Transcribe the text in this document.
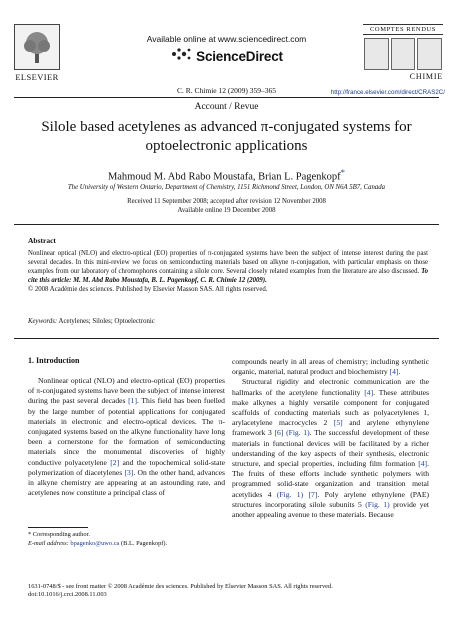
ELSEVIER
Available online at www.sciencedirect.com
ScienceDirect
C. R. Chimie 12 (2009) 359–365
COMPTES RENDUS
CHIMIE
http://france.elsevier.com/direct/CRAS2C/
Account / Revue
Silole based acetylenes as advanced π-conjugated systems for
optoelectronic applications
Mahmoud M. Abd Rabo Moustafa, Brian L. Pagenkopf*
The University of Western Ontario, Department of Chemistry, 1151 Richmond Street, London, ON N6A 5B7, Canada
Received 11 September 2008; accepted after revision 12 November 2008
Available online 19 December 2008
Abstract
Nonlinear optical (NLO) and electro-optical (EO) properties of π-conjugated systems have been the subject of intense interest during the past several decades. In this mini-review we focus on semiconducting materials based on alkyne π-conjugation, with particular emphasis on those examples from our laboratory of chromophores containing a silole core. Several closely related examples from the literature are also discussed. To cite this article: M. M. Abd Rabo Moustafa, B. L. Pagenkopf, C. R. Chimie 12 (2009).
© 2008 Académie des sciences. Published by Elsevier Masson SAS. All rights reserved.
Keywords: Acetylenes; Siloles; Optoelectronic
1. Introduction

Nonlinear optical (NLO) and electro-optical (EO) properties of π-conjugated systems have been the subject of intense interest during the past several decades [1]. This field has been fuelled by the large number of potential applications for conjugated materials in electronic and electro-optical devices. The π-conjugated systems based on the alkyne functionality have long been a cornerstone for the formation of semiconducting materials since the monumental discoveries of highly conductive polyacetylene [2] and the topochemical solid-state polymerization of diacetylenes [3]. On the other hand, advances in alkyne chemistry are appearing at an astounding rate, and acetylenes now constitute a principal class of

compounds nearly in all areas of chemistry; including synthetic organic, material, natural product and biochemistry [4].

Structural rigidity and electronic communication are the hallmarks of the acetylene functionality [4]. These attributes make alkynes a highly versatile component for conjugated scaffolds of conducting materials such as polyacetylenes 1, arylacetylene macrocycles 2 [5] and arylene ethynylene framework 3 [6] (Fig. 1). The successful development of these materials in functional devices will be facilitated by a richer understanding of the key aspects of their synthesis, electronic structure, and special properties, including film formation [4]. The fruits of these efforts include synthetic polymers with programmed solid-state organization and transition metal acetylides 4 (Fig. 1) [7]. Poly arylene ethynylene (PAE) structures incorporating silole subunits 5 (Fig. 1) provide yet another appealing avenue to these materials. Because

* Corresponding author.
E-mail address: bpagenko@uwo.ca (B.L. Pagenkopf).
1631-0748/$ - see front matter © 2008 Académie des sciences. Published by Elsevier Masson SAS. All rights reserved.
doi:10.1016/j.crci.2008.11.003
